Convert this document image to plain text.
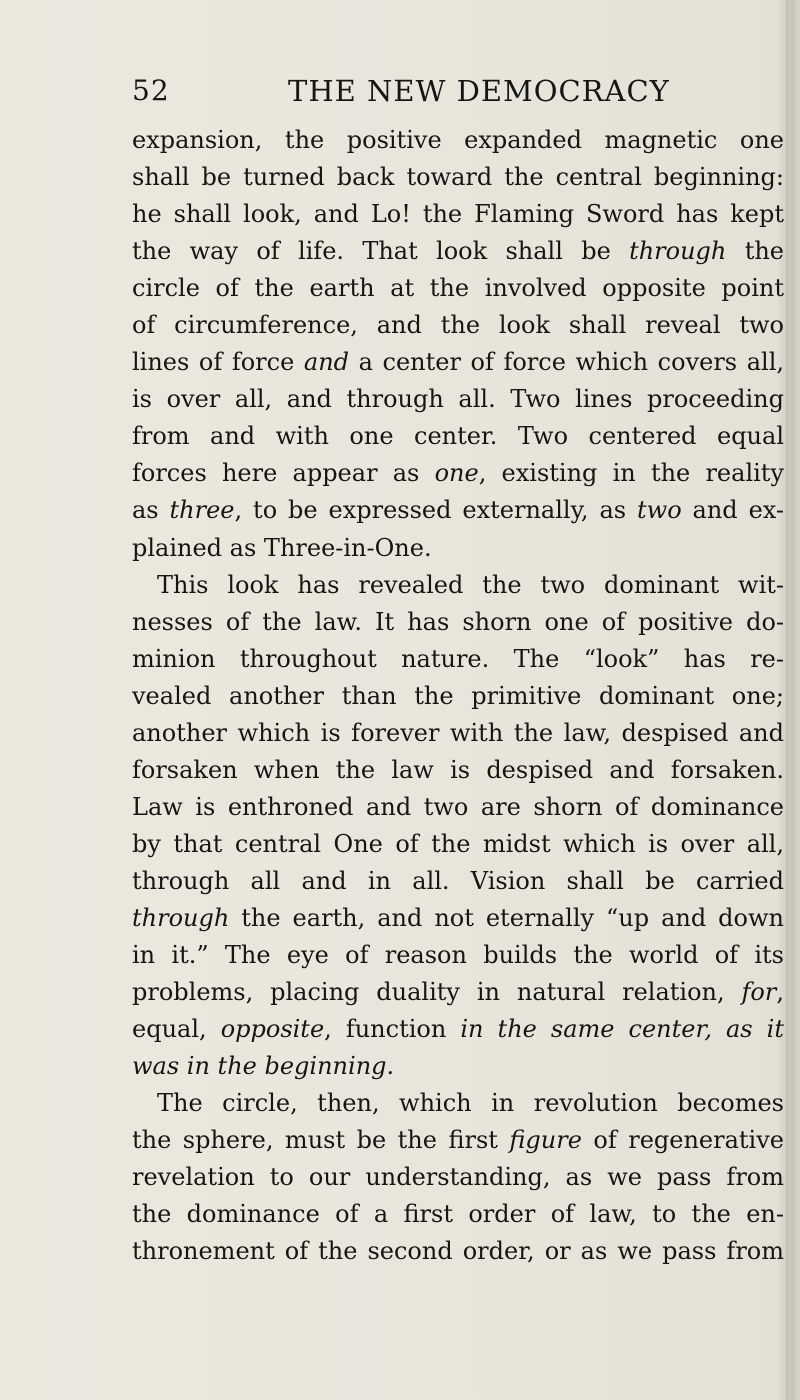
52	THE NEW DEMOCRACY
expansion, the positive expanded magnetic one
shall be turned back toward the central beginning:
he shall look, and Lo! the Flaming Sword has kept
the way of life. That look shall be through the
circle of the earth at the involved opposite point
of circumference, and the look shall reveal two
lines of force and a center of force which covers all,
is over all, and through all. Two lines proceeding
from and with one center. Two centered equal
forces here appear as one, existing in the reality
as three, to be expressed externally, as two and ex-
plained as Three-in-One.
This look has revealed the two dominant wit-
nesses of the law. It has shorn one of positive do-
minion throughout nature. The “look” has re-
vealed another than the primitive dominant one;
another which is forever with the law, despised and
forsaken when the law is despised and forsaken.
Law is enthroned and two are shorn of dominance
by that central One of the midst which is over all,
through all and in all. Vision shall be carried
through the earth, and not eternally “up and down
in it.” The eye of reason builds the world of its
problems, placing duality in natural relation, for,
equal, opposite, function in the same center, as it
was in the beginning.
The circle, then, which in revolution becomes
the sphere, must be the first figure of regenerative
revelation to our understanding, as we pass from
the dominance of a first order of law, to the en-
thronement of the second order, or as we pass from
